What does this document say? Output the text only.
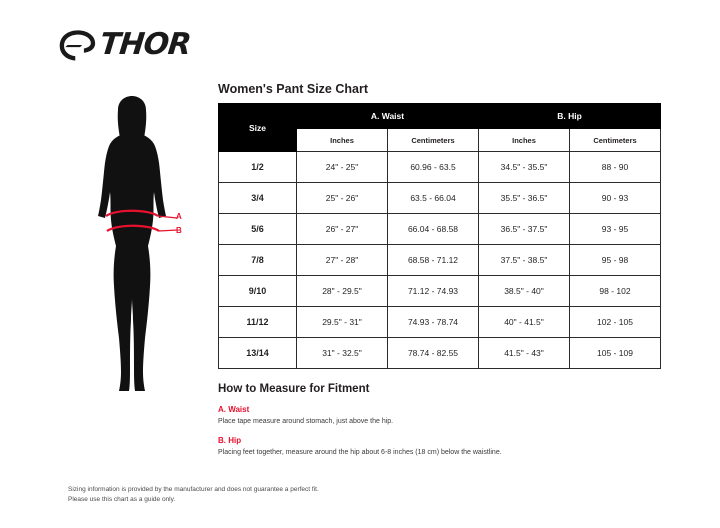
THOR
A
B
Women's Pant Size Chart
Size	A. Waist		B. Hip	
	Inches	Centimeters	Inches	Centimeters
1/2	24" - 25"	60.96 - 63.5	34.5" - 35.5"	88 - 90
3/4	25" - 26"	63.5 - 66.04	35.5" - 36.5"	90 - 93
5/6	26" - 27"	66.04 - 68.58	36.5" - 37.5"	93 - 95
7/8	27" - 28"	68.58 - 71.12	37.5" - 38.5"	95 - 98
9/10	28" - 29.5"	71.12 - 74.93	38.5" - 40"	98 - 102
11/12	29.5" - 31"	74.93 - 78.74	40" - 41.5"	102 - 105
13/14	31" - 32.5"	78.74 - 82.55	41.5" - 43"	105 - 109
How to Measure for Fitment
A. Waist
Place tape measure around stomach, just above the hip.
B. Hip
Placing feet together, measure around the hip about 6-8 inches (18 cm) below the waistline.
Sizing information is provided by the manufacturer and does not guarantee a perfect fit.
Please use this chart as a guide only.
